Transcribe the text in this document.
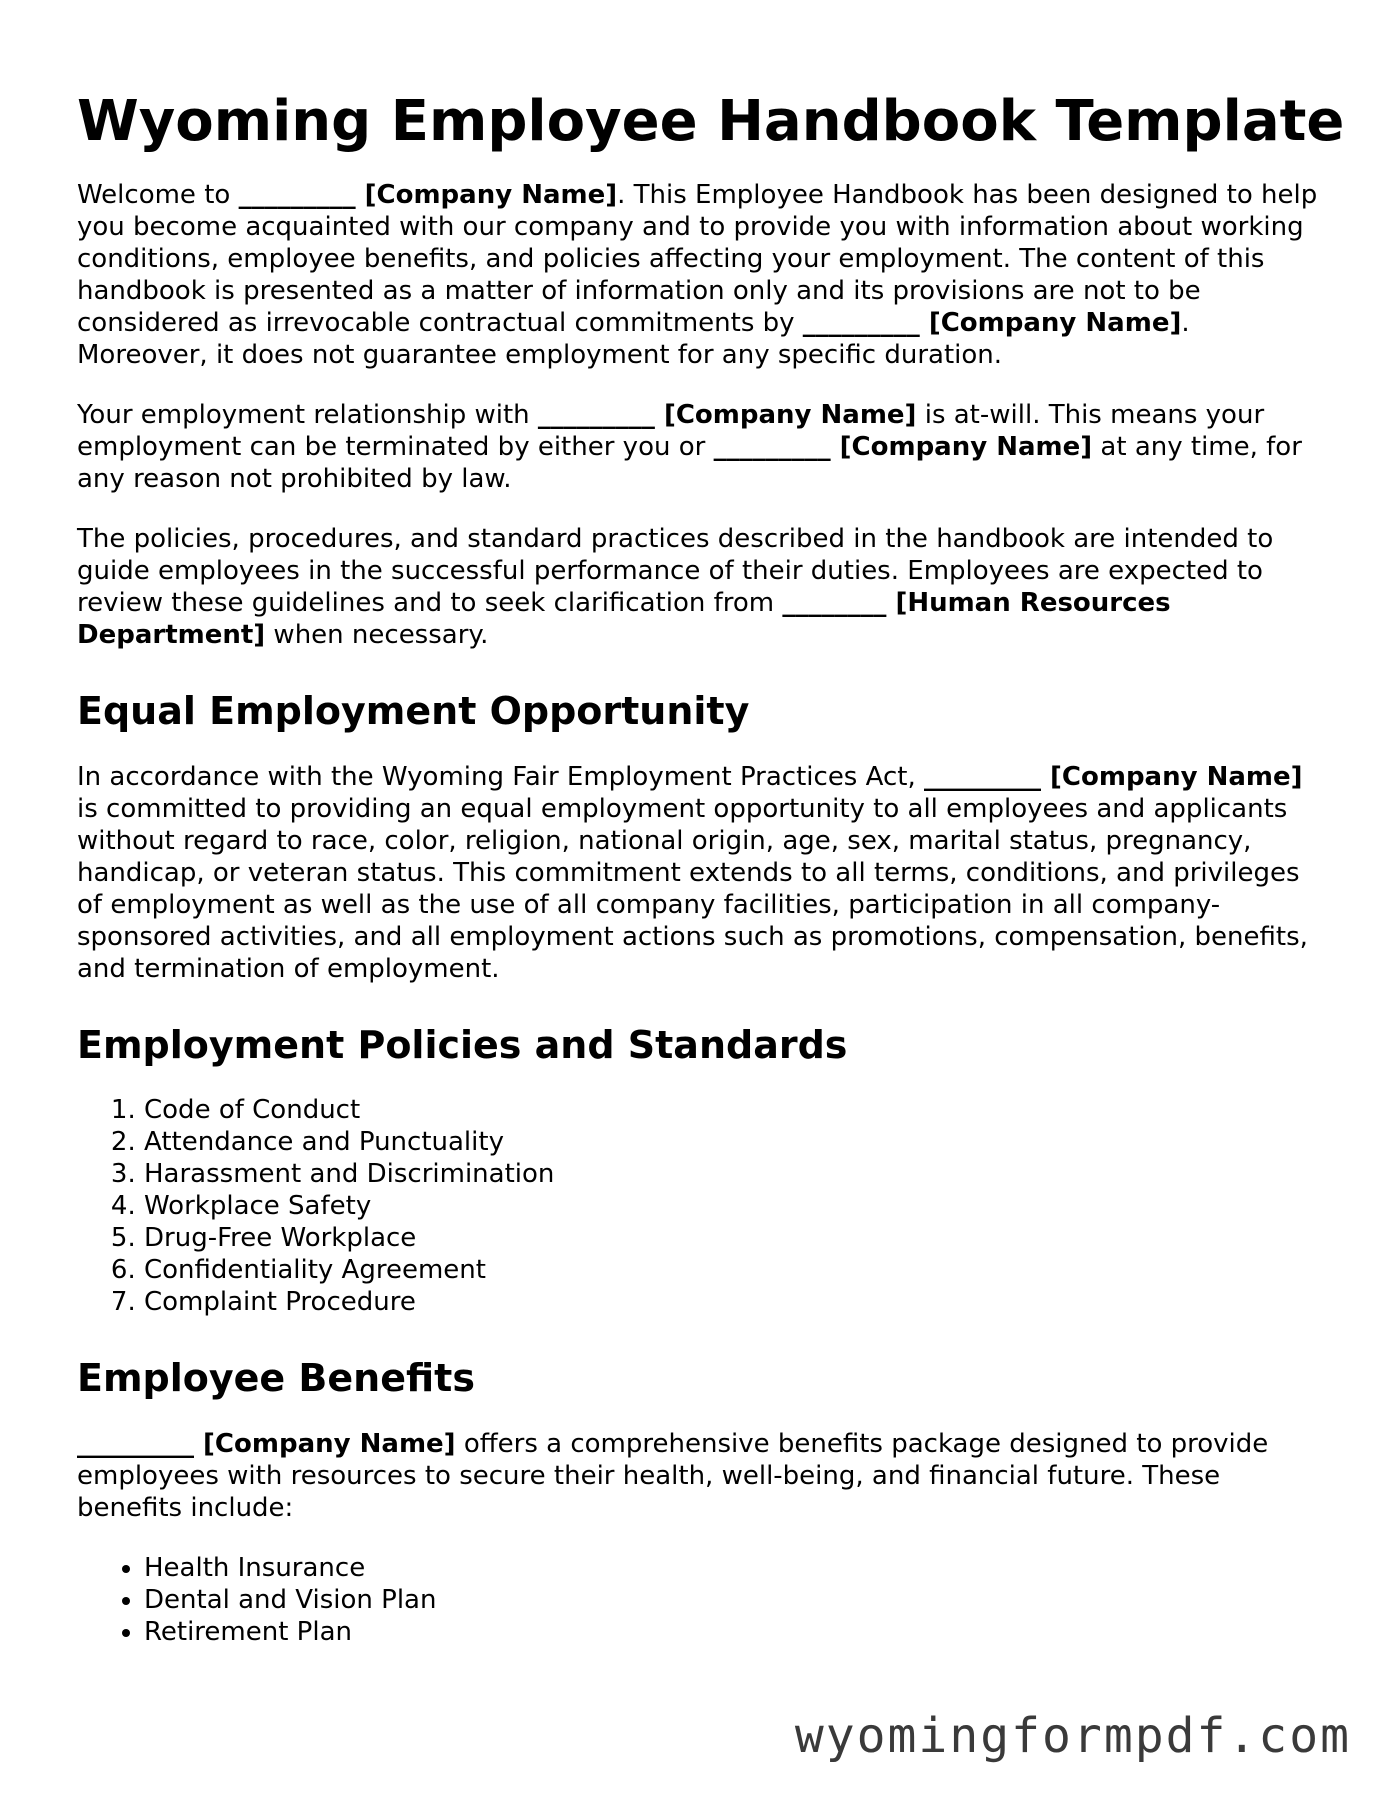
Wyoming Employee Handbook Template

Welcome to _________ [Company Name]. This Employee Handbook has been designed to help you become acquainted with our company and to provide you with information about working conditions, employee benefits, and policies affecting your employment. The content of this handbook is presented as a matter of information only and its provisions are not to be considered as irrevocable contractual commitments by _________ [Company Name]. Moreover, it does not guarantee employment for any specific duration.

Your employment relationship with _________ [Company Name] is at-will. This means your employment can be terminated by either you or _________ [Company Name] at any time, for any reason not prohibited by law.

The policies, procedures, and standard practices described in the handbook are intended to guide employees in the successful performance of their duties. Employees are expected to review these guidelines and to seek clarification from ________ [Human Resources Department] when necessary.

Equal Employment Opportunity

In accordance with the Wyoming Fair Employment Practices Act, _________ [Company Name] is committed to providing an equal employment opportunity to all employees and applicants without regard to race, color, religion, national origin, age, sex, marital status, pregnancy, handicap, or veteran status. This commitment extends to all terms, conditions, and privileges of employment as well as the use of all company facilities, participation in all company-sponsored activities, and all employment actions such as promotions, compensation, benefits, and termination of employment.

Employment Policies and Standards
1. Code of Conduct
2. Attendance and Punctuality
3. Harassment and Discrimination
4. Workplace Safety
5. Drug-Free Workplace
6. Confidentiality Agreement
7. Complaint Procedure
Employee Benefits

_________ [Company Name] offers a comprehensive benefits package designed to provide employees with resources to secure their health, well-being, and financial future. These benefits include:

• Health Insurance
• Dental and Vision Plan
• Retirement Plan
wyomingformpdf.com
